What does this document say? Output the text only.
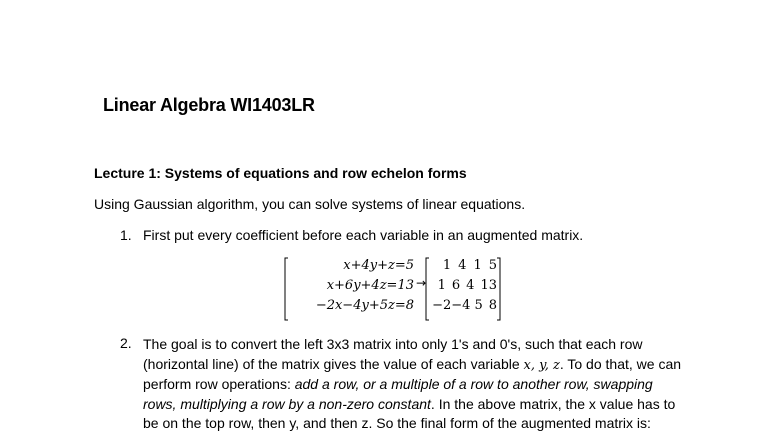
Linear Algebra WI1403LR
Lecture 1: Systems of equations and row echelon forms
Using Gaussian algorithm, you can solve systems of linear equations.
1. First put every coefficient before each variable in an augmented matrix.
x+4y+z=5
x+6y+4z=13
−2x−4y+5z=8
→
1 4 1 5
1 6 4 13
−2 −4 5 8
2. The goal is to convert the left 3x3 matrix into only 1's and 0's, such that each row (horizontal line) of the matrix gives the value of each variable x, y, z. To do that, we can perform row operations: add a row, or a multiple of a row to another row, swapping rows, multiplying a row by a non-zero constant. In the above matrix, the x value has to be on the top row, then y, and then z. So the final form of the augmented matrix is:
